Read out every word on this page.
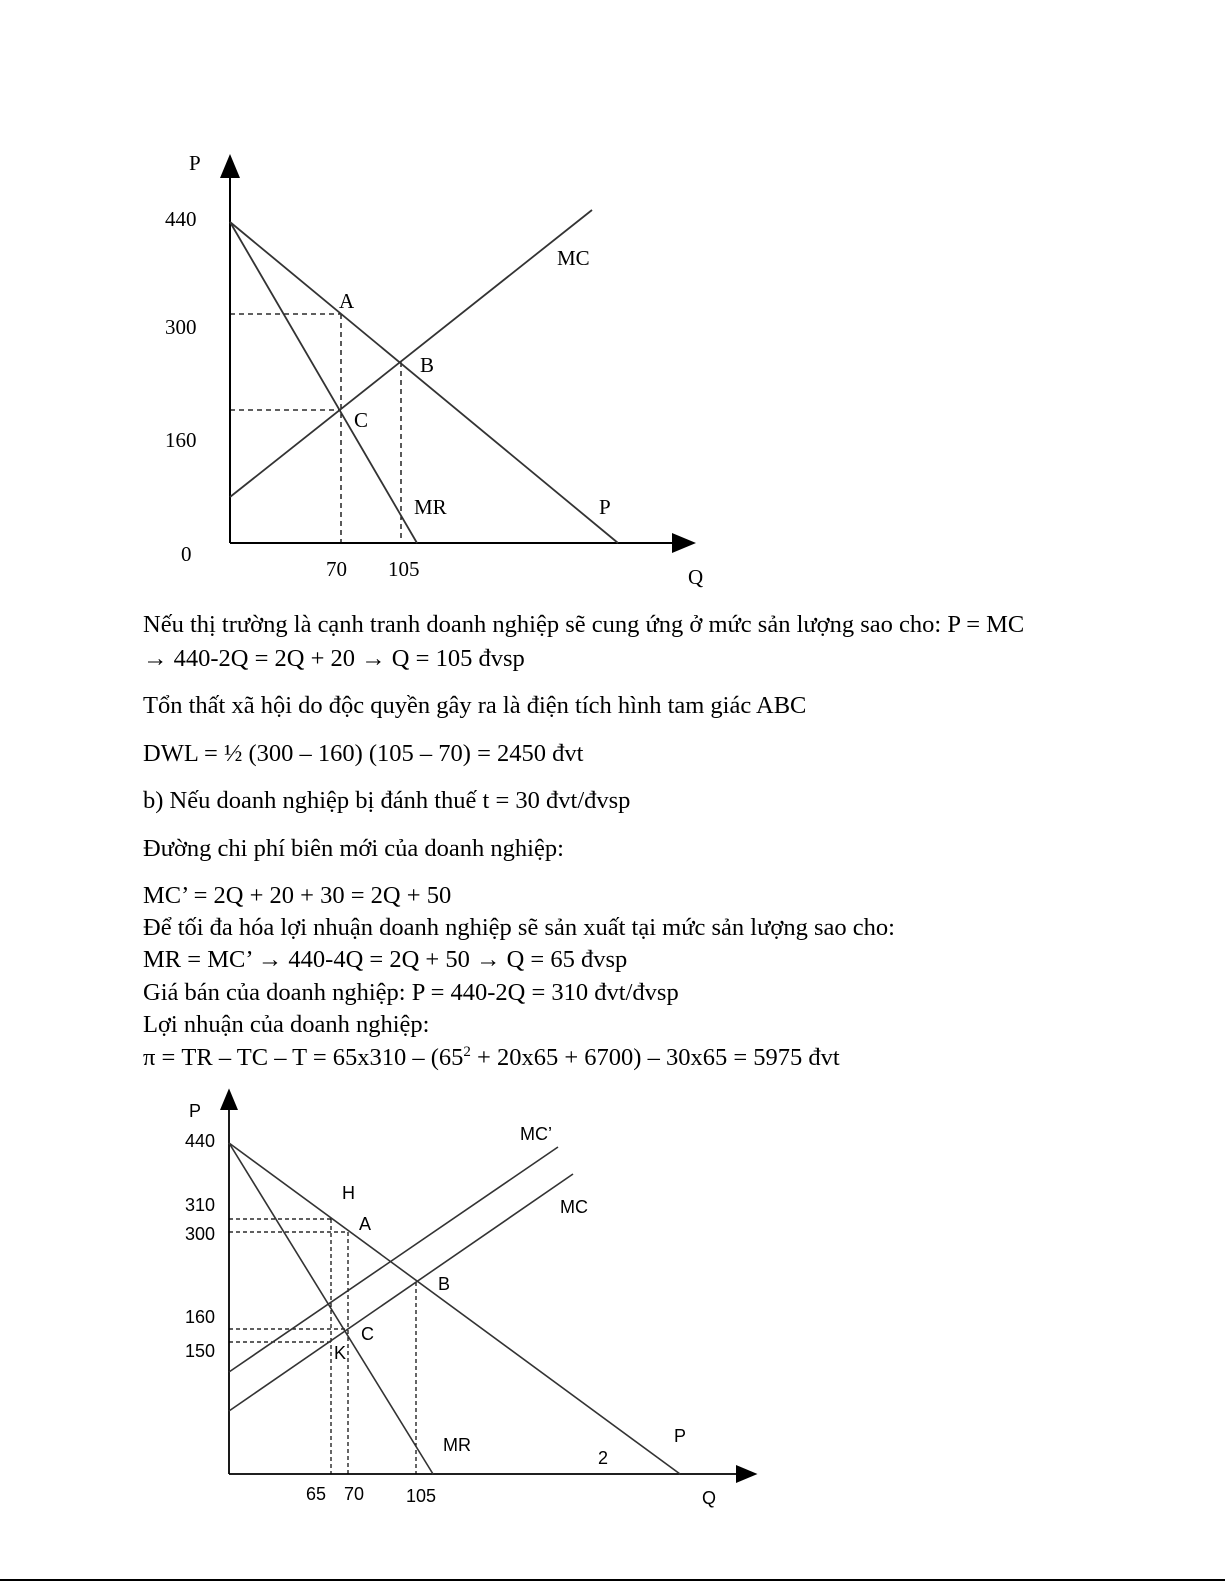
P
Q
0
440
300
160
70 105
MC
MR	P
A
B
C

Nếu thị trường là cạnh tranh doanh nghiệp sẽ cung ứng ở mức sản lượng sao cho: P = MC

→ 440-2Q = 2Q + 20 → Q = 105 đvsp

Tổn thất xã hội do độc quyền gây ra là điện tích hình tam giác ABC

DWL = ½ (300 – 160) (105 – 70) = 2450 đvt

b) Nếu doanh nghiệp bị đánh thuế t = 30 đvt/đvsp

Đường chi phí biên mới của doanh nghiệp:

MC’ = 2Q + 20 + 30 = 2Q + 50

Để tối đa hóa lợi nhuận doanh nghiệp sẽ sản xuất tại mức sản lượng sao cho:

MR = MC’ → 440-4Q = 2Q + 50 → Q = 65 đvsp

Giá bán của doanh nghiệp: P = 440-2Q = 310 đvt/đvsp

Lợi nhuận của doanh nghiệp:

π = TR – TC – $T = 65x310 - (65^2 + 20x65 + 6700) - 30x65 = 5975$ đvt

P
Q
440
310
300
160
150
65 70 105
MC’
MC
H
A
B
C
K
MR	P
2
